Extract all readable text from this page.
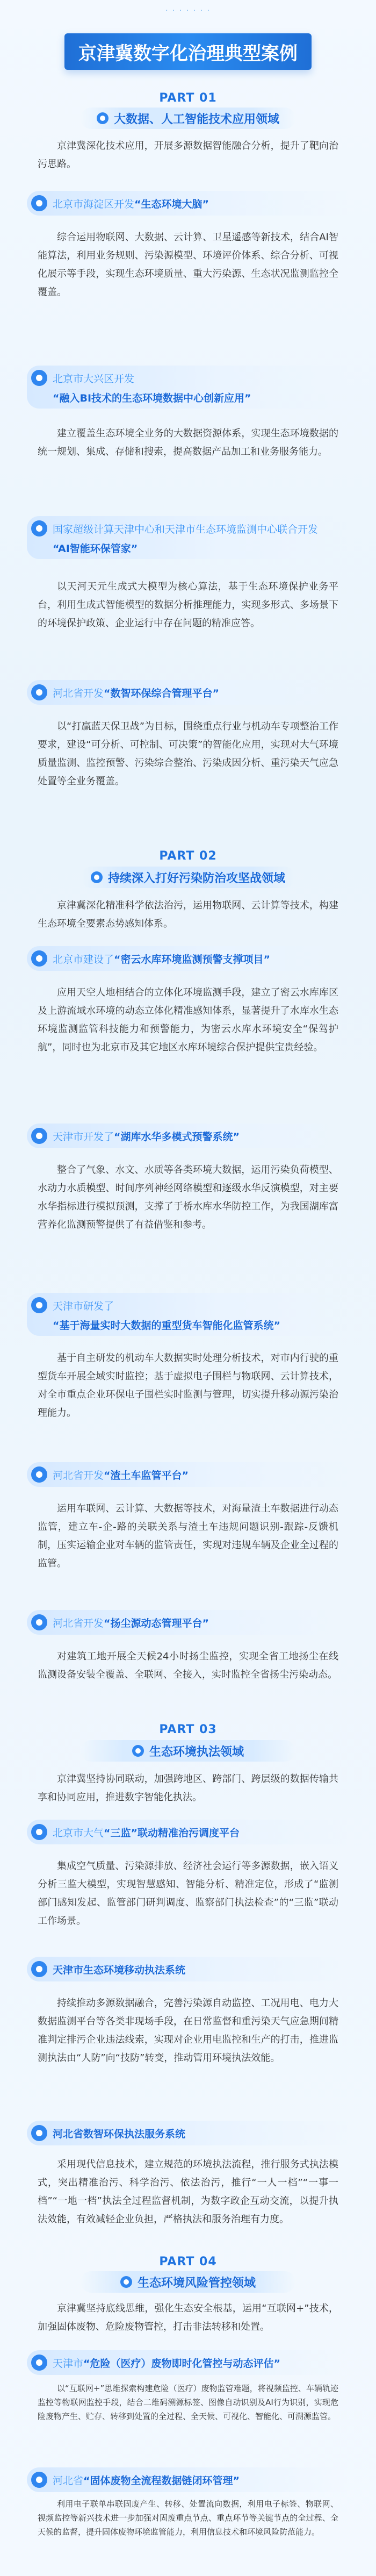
· · · · · · ·
京津冀数字化治理典型案例
PART 01
大数据、人工智能技术应用领域
京津冀深化技术应用，开展多源数据智能融合分析，提升了靶向治污思路。
北京市海淀区开发 “生态环境大脑”
综合运用物联网、大数据、云计算、卫星遥感等新技术，结合AI智能算法，利用业务规则、污染源模型、环境评价体系、综合分析、可视化展示等手段，实现生态环境质量、重大污染源、生态状况监测监控全覆盖。
北京市大兴区开发
“融入BI技术的生态环境数据中心创新应用”
建立覆盖生态环境全业务的大数据资源体系，实现生态环境数据的统一规划、集成、存储和搜索，提高数据产品加工和业务服务能力。
国家超级计算天津中心和天津市生态环境监测中心联合开发
“AI智能环保管家”
以天河天元生成式大模型为核心算法，基于生态环境保护业务平台，利用生成式智能模型的数据分析推理能力，实现多形式、多场景下的环境保护政策、企业运行中存在问题的精准应答。
河北省开发 “数智环保综合管理平台”
以“打赢蓝天保卫战”为目标，围绕重点行业与机动车专项整治工作要求，建设“可分析、可控制、可决策”的智能化应用，实现对大气环境质量监测、监控预警、污染综合整治、污染成因分析、重污染天气应急处置等全业务覆盖。
PART 02
持续深入打好污染防治攻坚战领域
京津冀深化精准科学依法治污，运用物联网、云计算等技术，构建生态环境全要素态势感知体系。
北京市建设了 “密云水库环境监测预警支撑项目”
应用天空人地相结合的立体化环境监测手段，建立了密云水库库区及上游流域水环境的动态立体化精准感知体系，显著提升了水库水生态环境监测监管科技能力和预警能力，为密云水库水环境安全“保驾护航”，同时也为北京市及其它地区水库环境综合保护提供宝贵经验。
天津市开发了 “湖库水华多模式预警系统”
整合了气象、水文、水质等各类环境大数据，运用污染负荷模型、水动力水质模型、时间序列神经网络模型和逐级水华反演模型，对主要水华指标进行模拟预测，支撑了于桥水库水华防控工作，为我国湖库富营养化监测预警提供了有益借鉴和参考。
天津市研发了
“基于海量实时大数据的重型货车智能化监管系统”
基于自主研发的机动车大数据实时处理分析技术，对市内行驶的重型货车开展全域实时监控；基于虚拟电子围栏与物联网、云计算技术，对全市重点企业环保电子围栏实时监测与管理，切实提升移动源污染治理能力。
河北省开发 “渣土车监管平台”
运用车联网、云计算、大数据等技术，对海量渣土车数据进行动态监管，建立车-企-路的关联关系与渣土车违规问题识别-跟踪-反馈机制，压实运输企业对车辆的监管责任，实现对违规车辆及企业全过程的监管。
河北省开发 “扬尘源动态管理平台”
对建筑工地开展全天候24小时扬尘监控，实现全省工地扬尘在线监测设备安装全覆盖、全联网、全接入，实时监控全省扬尘污染动态。
PART 03
生态环境执法领域
京津冀坚持协同联动，加强跨地区、跨部门、跨层级的数据传输共享和协同应用，推进数字智能化执法。
北京市大气 “三监”联动精准治污调度平台
集成空气质量、污染源排放、经济社会运行等多源数据，嵌入语义分析三监大模型，实现智慧感知、智能分析、精准定位，形成了“监测部门感知发起、监管部门研判调度、监察部门执法检查”的“三监”联动工作场景。
天津市生态环境移动执法系统
持续推动多源数据融合，完善污染源自动监控、工况用电、电力大数据监测平台等各类非现场手段，在日常监督和重污染天气应急期间精准判定排污企业违法线索，实现对企业用电监控和生产的打击，推进监测执法由“人防”向“技防”转变，推动管用环境执法效能。
河北省数智环保执法服务系统
采用现代信息技术，建立规范的环境执法流程，推行服务式执法模式，突出精准治污、科学治污、依法治污，推行“一人一档”“一事一档”“一地一档”执法全过程监督机制，为数字政企互动交流，以提升执法效能，有效减轻企业负担，严格执法和服务治理有力度。
PART 04
生态环境风险管控领域
京津冀坚持底线思维，强化生态安全根基，运用“互联网+”技术，加强固体废物、危险废物管控，打击非法转移和处置。
天津市 “危险（医疗）废物即时化管控与动态评估”
以“互联网+”思维探索构建危险（医疗）废物监管难题，将视频监控、车辆轨迹监控等物联网监控手段，结合二维码溯源标签、图像自动识别及AI行为识别，实现危险废物产生、贮存、转移到处置的全过程、全天候、可视化、智能化、可溯源监管。
河北省 “固体废物全流程数据链闭环管理”
利用电子联单串联固废产生、转移、处置流向数据，利用电子标签、物联网、视频监控等新兴技术进一步加强对固废重点节点、重点环节等关键节点的全过程、全天候的监督，提升固体废物环境监管能力，利用信息技术和环境风险防范能力。
